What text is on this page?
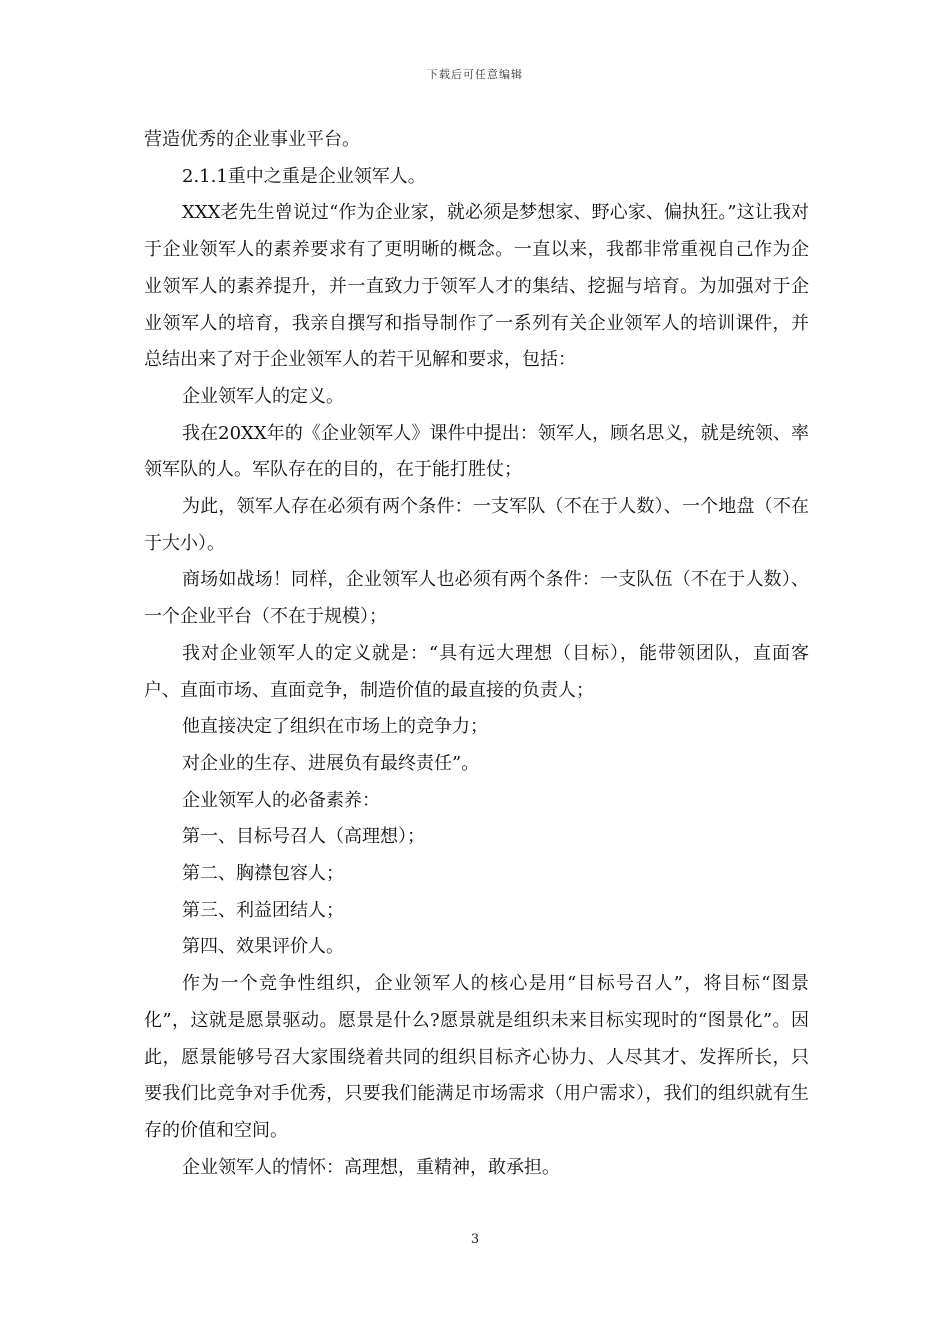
下载后可任意编辑

营造优秀的企业事业平台。

2.1.1重中之重是企业领军人。

XXX老先生曾说过“作为企业家，就必须是梦想家、野心家、偏执狂。”这让我对于企业领军人的素养要求有了更明晰的概念。一直以来，我都非常重视自己作为企业领军人的素养提升，并一直致力于领军人才的集结、挖掘与培育。为加强对于企业领军人的培育，我亲自撰写和指导制作了一系列有关企业领军人的培训课件，并总结出来了对于企业领军人的若干见解和要求，包括：

企业领军人的定义。

我在20XX年的《企业领军人》课件中提出：领军人，顾名思义，就是统领、率领军队的人。军队存在的目的，在于能打胜仗；

为此，领军人存在必须有两个条件：一支军队（不在于人数）、一个地盘（不在于大小）。

商场如战场！同样，企业领军人也必须有两个条件：一支队伍（不在于人数）、一个企业平台（不在于规模）；

我对企业领军人的定义就是：“具有远大理想（目标），能带领团队，直面客户、直面市场、直面竞争，制造价值的最直接的负责人；

他直接决定了组织在市场上的竞争力；

对企业的生存、进展负有最终责任”。

企业领军人的必备素养：

第一、目标号召人（高理想）；

第二、胸襟包容人；

第三、利益团结人；

第四、效果评价人。

作为一个竞争性组织，企业领军人的核心是用“目标号召人”，将目标“图景化”，这就是愿景驱动。愿景是什么?愿景就是组织未来目标实现时的“图景化”。因此，愿景能够号召大家围绕着共同的组织目标齐心协力、人尽其才、发挥所长，只要我们比竞争对手优秀，只要我们能满足市场需求（用户需求），我们的组织就有生存的价值和空间。

企业领军人的情怀：高理想，重精神，敢承担。

3
